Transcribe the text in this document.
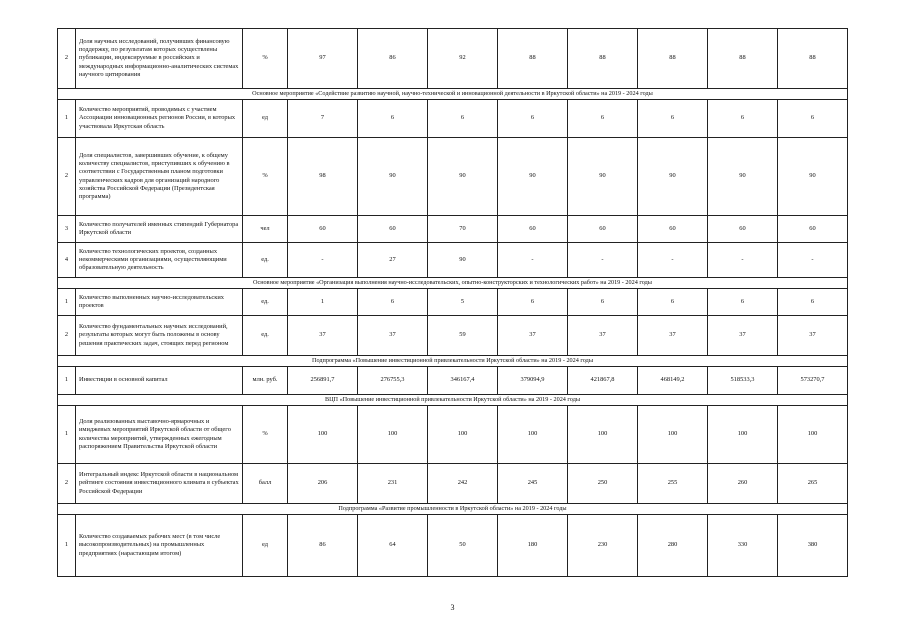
2	Доля научных исследований, получивших финансовую поддержку, по результатам которых осуществлены публикации, индексируемые в российских и международных информационно-аналитических системах научного цитирования	%	97	86	92	88	88	88	88	88
Основное мероприятие «Содействие развитию научной, научно-технической и инновационной деятельности в Иркутской области» на 2019 - 2024 годы										
1	Количество мероприятий, проводимых с участием Ассоциации инновационных регионов России, в которых участвовала Иркутская область	ед	7	6	6	6	6	6	6	6
2	Доля специалистов, завершивших обучение, к общему количеству специалистов, приступивших к обучению в соответствии с Государственным планом подготовки управленческих кадров для организаций народного хозяйства Российской Федерации (Президентская программа)	%	98	90	90	90	90	90	90	90
3	Количество получателей именных стипендий Губернатора Иркутской области	чел	60	60	70	60	60	60	60	60
4	Количество технологических проектов, созданных некоммерческими организациями, осуществляющими образовательную деятельность	ед.	-	27	90	-	-	-	-	-
Основное мероприятие «Организация выполнения научно-исследовательских, опытно-конструкторских и технологических работ» на 2019 - 2024 годы										
1	Количество выполненных научно-исследовательских проектов	ед.	1	6	5	6	6	6	6	6
2	Количество фундаментальных научных исследований, результаты которых могут быть положены в основу решения практических задач, стоящих перед регионом	ед.	37	37	59	37	37	37	37	37
Подпрограмма «Повышение инвестиционной привлекательности Иркутской области» на 2019 - 2024 годы										
1	Инвестиции в основной капитал	млн. руб.	256891,7	276755,3	346167,4	379094,9	421867,8	468149,2	518533,3	573270,7
ВЦП «Повышение инвестиционной привлекательности Иркутской области» на 2019 - 2024 годы										
1	Доля реализованных выставочно-ярмарочных и имиджевых мероприятий Иркутской области от общего количества мероприятий, утвержденных ежегодным распоряжением Правительства Иркутской области	%	100	100	100	100	100	100	100	100
2	Интегральный индекс Иркутской области в национальном рейтинге состояния инвестиционного климата в субъектах Российской Федерации	балл	206	231	242	245	250	255	260	265
Подпрограмма «Развитие промышленности в Иркутской области» на 2019 - 2024 годы										
1	Количество создаваемых рабочих мест (в том числе высокопроизводительных) на промышленных предприятиях (нарастающим итогом)	ед	86	64	50	180	230	280	330	380
3
